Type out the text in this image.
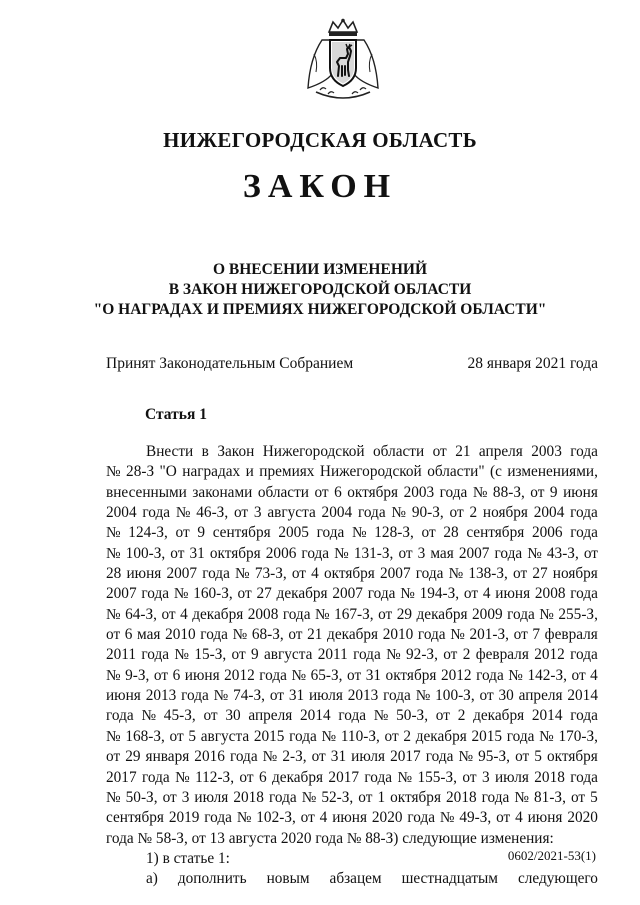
НИЖЕГОРОДСКАЯ ОБЛАСТЬ
ЗАКОН
О ВНЕСЕНИИ ИЗМЕНЕНИЙ
В ЗАКОН НИЖЕГОРОДСКОЙ ОБЛАСТИ
"О НАГРАДАХ И ПРЕМИЯХ НИЖЕГОРОДСКОЙ ОБЛАСТИ"
Принят Законодательным Собранием	28 января 2021 года
Статья 1
Внести в Закон Нижегородской области от 21 апреля 2003 года
№ 28-З "О наградах и премиях Нижегородской области" (с изменениями,
внесенными законами области от 6 октября 2003 года № 88-З, от 9 июня
2004 года № 46-З, от 3 августа 2004 года № 90-З, от 2 ноября 2004 года
№ 124-З, от 9 сентября 2005 года № 128-З, от 28 сентября 2006 года
№ 100-З, от 31 октября 2006 года № 131-З, от 3 мая 2007 года № 43-З, от
28 июня 2007 года № 73-З, от 4 октября 2007 года № 138-З, от 27 ноября
2007 года № 160-З, от 27 декабря 2007 года № 194-З, от 4 июня 2008 года
№ 64-З, от 4 декабря 2008 года № 167-З, от 29 декабря 2009 года № 255-З,
от 6 мая 2010 года № 68-З, от 21 декабря 2010 года № 201-З, от 7 февраля
2011 года № 15-З, от 9 августа 2011 года № 92-З, от 2 февраля 2012 года
№ 9-З, от 6 июня 2012 года № 65-З, от 31 октября 2012 года № 142-З, от 4
июня 2013 года № 74-З, от 31 июля 2013 года № 100-З, от 30 апреля 2014
года № 45-З, от 30 апреля 2014 года № 50-З, от 2 декабря 2014 года
№ 168-З, от 5 августа 2015 года № 110-З, от 2 декабря 2015 года № 170-З,
от 29 января 2016 года № 2-З, от 31 июля 2017 года № 95-З, от 5 октября
2017 года № 112-З, от 6 декабря 2017 года № 155-З, от 3 июля 2018 года
№ 50-З, от 3 июля 2018 года № 52-З, от 1 октября 2018 года № 81-З, от 5
сентября 2019 года № 102-З, от 4 июня 2020 года № 49-З, от 4 июня 2020
года № 58-З, от 13 августа 2020 года № 88-З) следующие изменения:
1) в статье 1:
а) дополнить новым абзацем шестнадцатым следующего
0602/2021-53(1)
